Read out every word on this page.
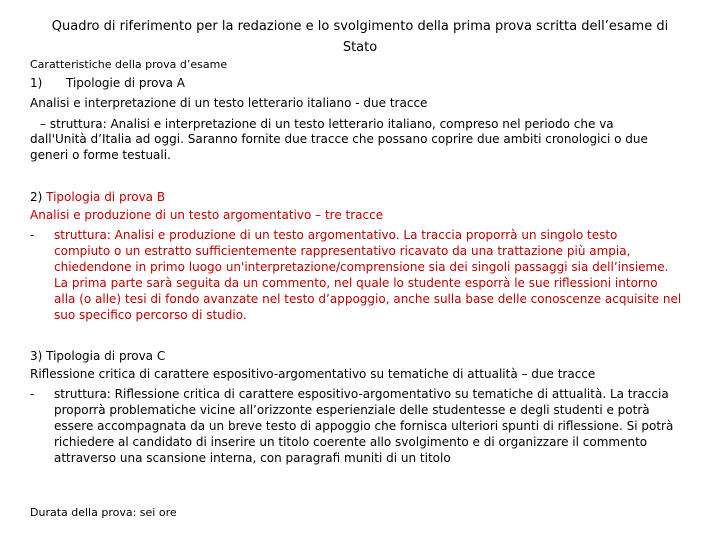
Quadro di riferimento per la redazione e lo svolgimento della prima prova scritta dell’esame di Stato
Caratteristiche della prova d’esame
1) Tipologie di prova A
Analisi e interpretazione di un testo letterario italiano - due tracce
– struttura: Analisi e interpretazione di un testo letterario italiano, compreso nel periodo che va
dall'Unità d’Italia ad oggi. Saranno fornite due tracce che possano coprire due ambiti cronologici o due
generi o forme testuali.
2) Tipologia di prova B
Analisi e produzione di un testo argomentativo – tre tracce
- struttura: Analisi e produzione di un testo argomentativo. La traccia proporrà un singolo testo
compiuto o un estratto sufficientemente rappresentativo ricavato da una trattazione più ampia,
chiedendone in primo luogo un'interpretazione/comprensione sia dei singoli passaggi sia dell’insieme.
La prima parte sarà seguita da un commento, nel quale lo studente esporrà le sue riflessioni intorno
alla (o alle) tesi di fondo avanzate nel testo d’appoggio, anche sulla base delle conoscenze acquisite nel
suo specifico percorso di studio.
3) Tipologia di prova C
Riflessione critica di carattere espositivo-argomentativo su tematiche di attualità – due tracce
- struttura: Riflessione critica di carattere espositivo-argomentativo su tematiche di attualità. La traccia
proporrà problematiche vicine all’orizzonte esperienziale delle studentesse e degli studenti e potrà
essere accompagnata da un breve testo di appoggio che fornisca ulteriori spunti di riflessione. Si potrà
richiedere al candidato di inserire un titolo coerente allo svolgimento e di organizzare il commento
attraverso una scansione interna, con paragrafi muniti di un titolo
Durata della prova: sei ore
